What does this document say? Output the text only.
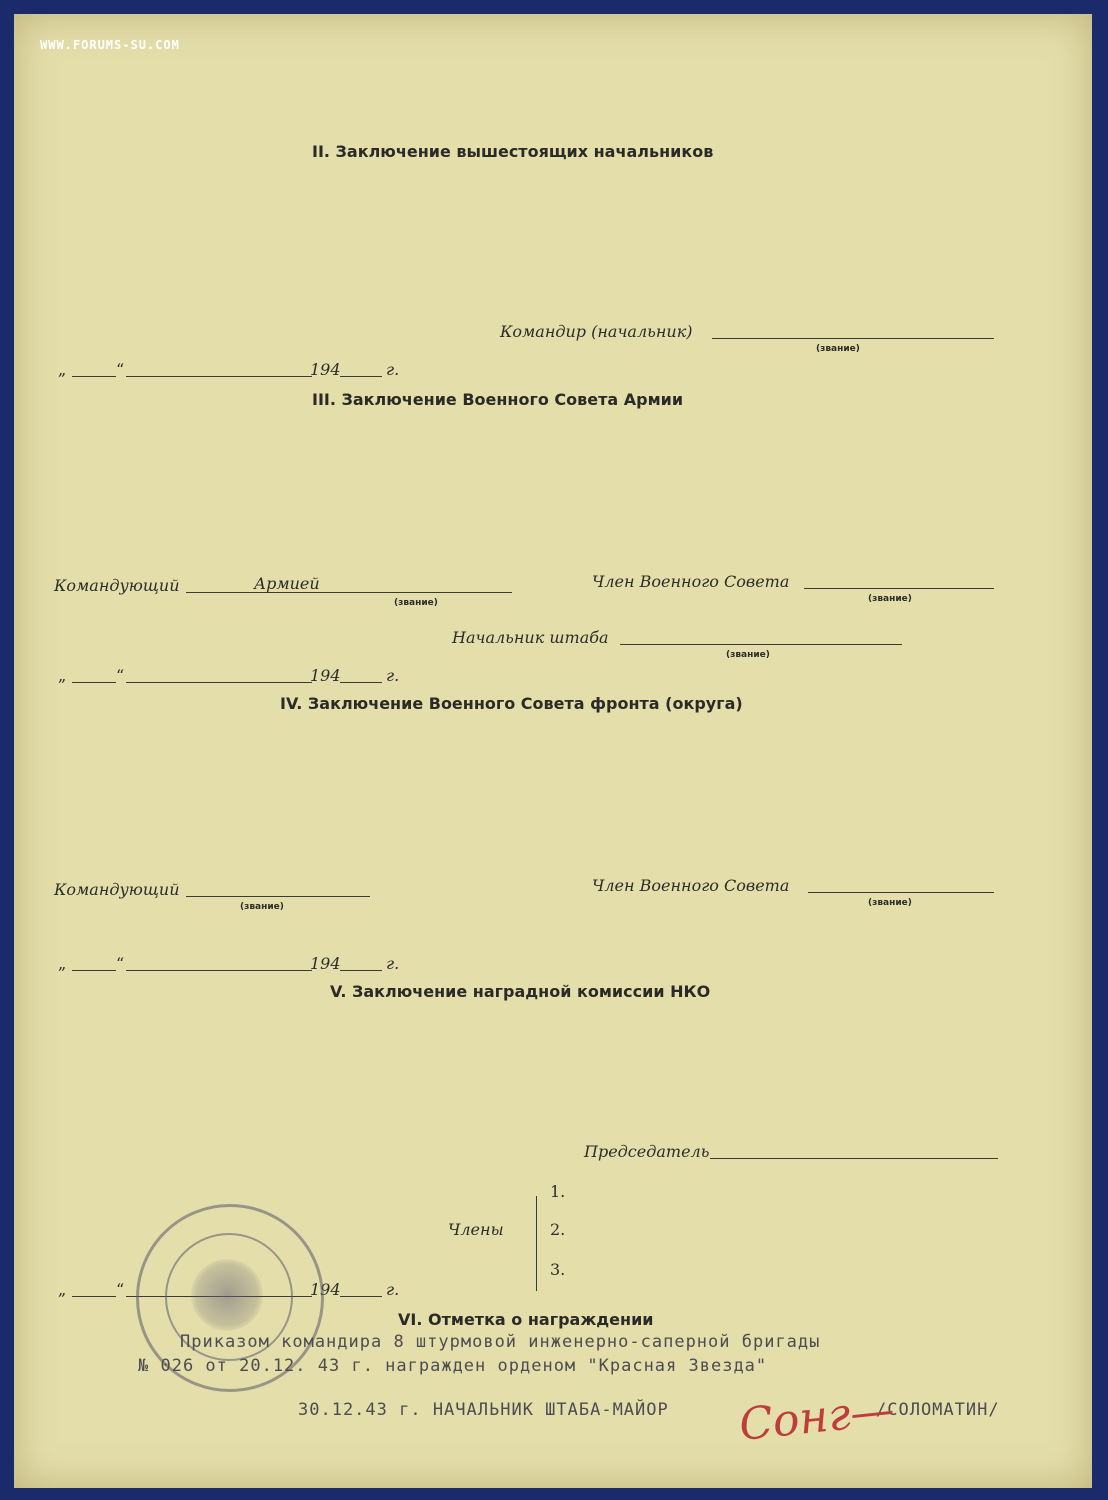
WWW.FORUMS-SU.COM
II. Заключение вышестоящих начальников
Командир (начальник)
(звание)
„	“	194	г.
III. Заключение Военного Совета Армии
Командующий	Армией
(звание)
Член Военного Совета
(звание)
Начальник штаба
(звание)
„	“	194	г.
IV. Заключение Военного Совета фронта (округа)
Командующий
(звание)
Член Военного Совета
(звание)
„	“	194	г.
V. Заключение наградной комиссии НКО
Председатель
Члены
1.
2.
3.
„	“	194	г.
VI. Отметка о награждении
Приказом командира 8 штурмовой инженерно-саперной бригады
№ 026 от 20.12. 43 г. награжден орденом "Красная Звезда"
30.12.43 г. НАЧАЛЬНИК ШТАБА-МАЙОР	/СОЛОМАТИН/
Сонг—
